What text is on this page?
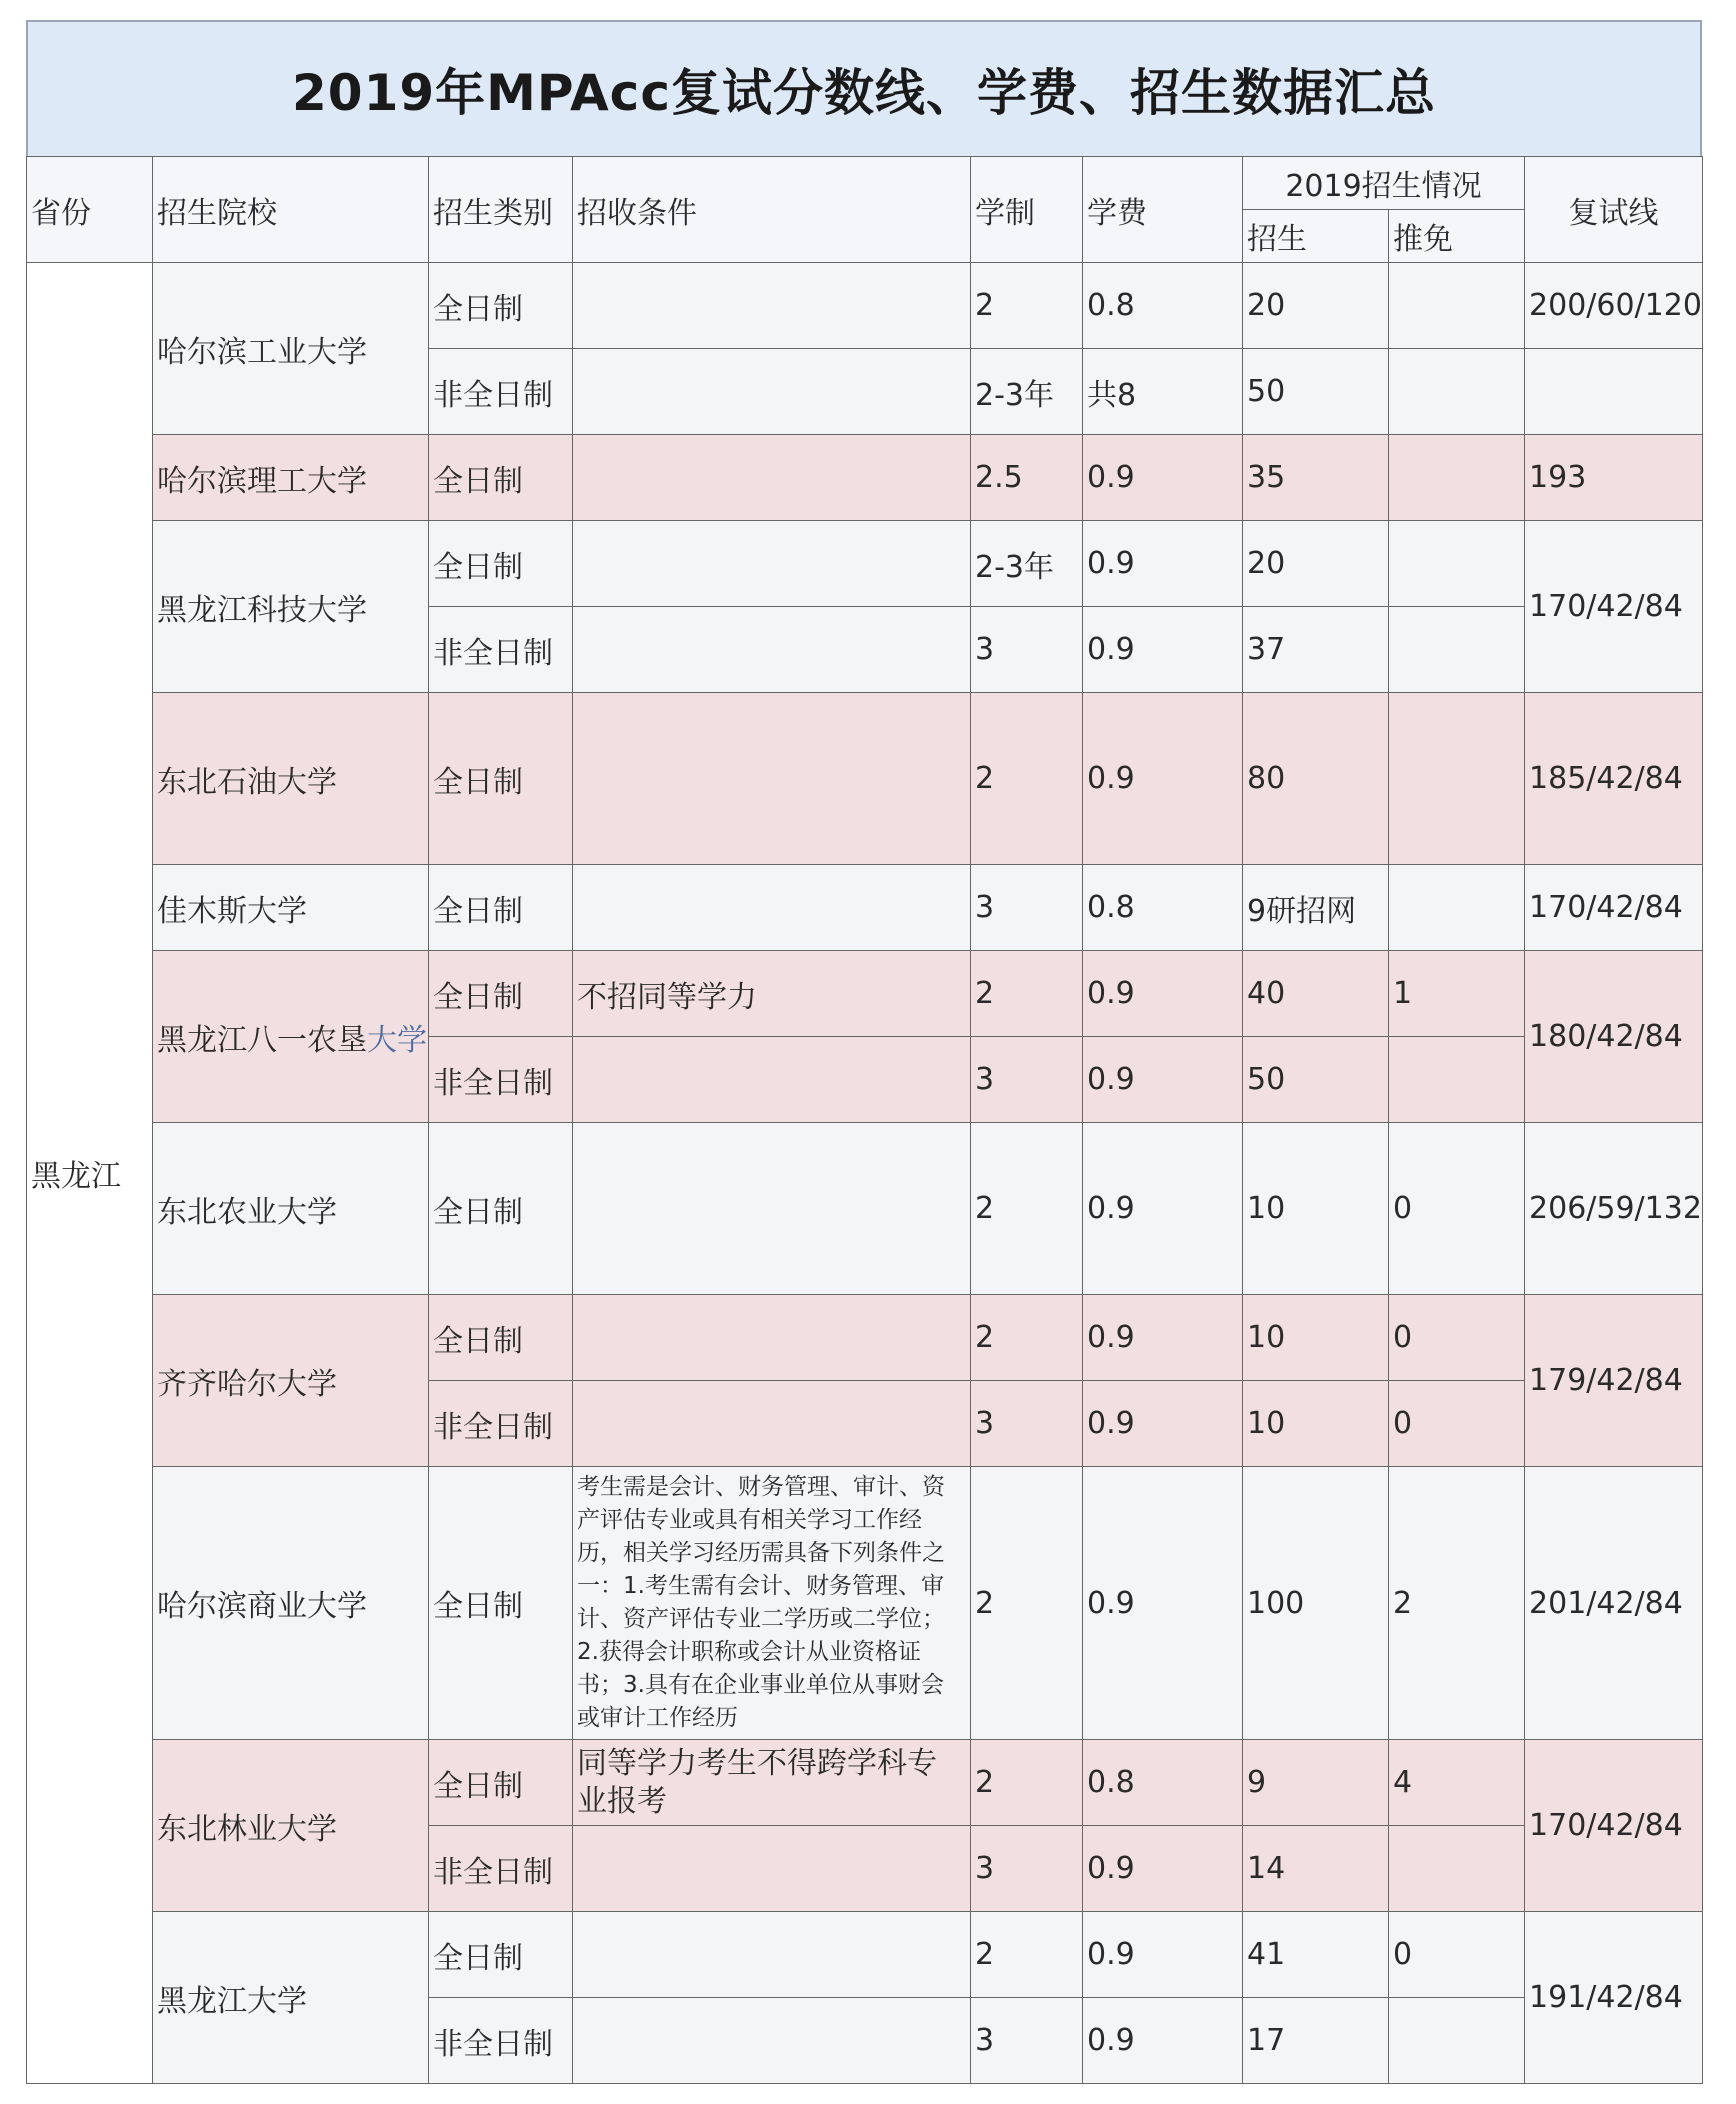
2019年MPAcc复试分数线、学费、招生数据汇总
省份	招生院校	招生类别	招收条件	学制	学费	2019招生情况		复试线
						招生	推免	
黑龙江	哈尔滨工业大学	全日制		2	0.8	20		200/60/120
		非全日制		2-3年	共8	50		
	哈尔滨理工大学	全日制		2.5	0.9	35		193
	黑龙江科技大学	全日制		2-3年	0.9	20		170/42/84
		非全日制		3	0.9	37		
	东北石油大学	全日制		2	0.9	80		185/42/84
	佳木斯大学	全日制		3	0.8	9研招网		170/42/84
	黑龙江八一农垦大学	全日制	不招同等学力	2	0.9	40	1	180/42/84
		非全日制		3	0.9	50		
	东北农业大学	全日制		2	0.9	10	0	206/59/132
	齐齐哈尔大学	全日制		2	0.9	10	0	179/42/84
		非全日制		3	0.9	10	0	
	哈尔滨商业大学	全日制	考生需是会计、财务管理、审计、资产评估专业或具有相关学习工作经历，相关学习经历需具备下列条件之一：1.考生需有会计、财务管理、审计、资产评估专业二学历或二学位；2.获得会计职称或会计从业资格证书；3.具有在企业事业单位从事财会或审计工作经历	2	0.9	100	2	201/42/84
	东北林业大学	全日制	同等学力考生不得跨学科专业报考	2	0.8	9	4	170/42/84
		非全日制		3	0.9	14		
	黑龙江大学	全日制		2	0.9	41	0	191/42/84
		非全日制		3	0.9	17		
